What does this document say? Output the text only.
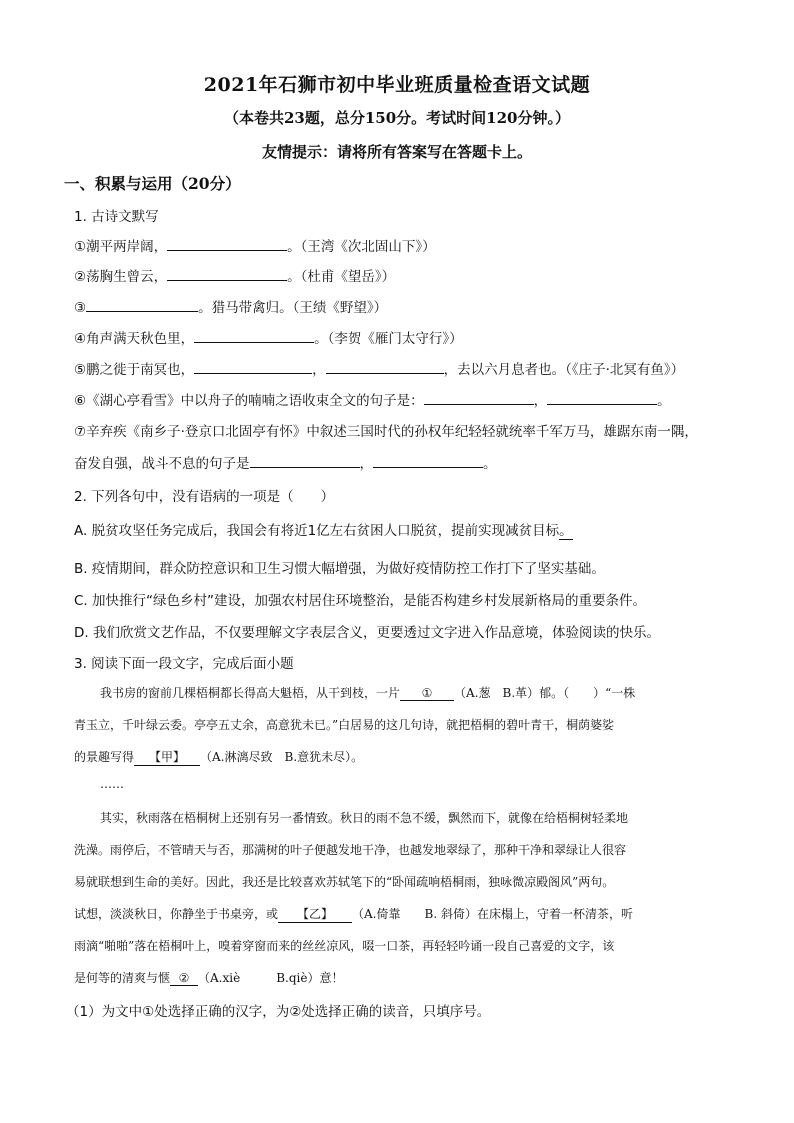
2021年石狮市初中毕业班质量检查语文试题
（本卷共23题，总分150分。考试时间120分钟。）
友情提示：请将所有答案写在答题卡上。
一、积累与运用（20分）
1. 古诗文默写
①潮平两岸阔，	。（王湾《次北固山下》）
②荡胸生曾云，	。（杜甫《望岳》）
③	。猎马带禽归。（王绩《野望》）
④角声满天秋色里，	。（李贺《雁门太守行》）
⑤鹏之徙于南冥也，	，	，去以六月息者也。（《庄子·北冥有鱼》）
⑥《湖心亭看雪》中以舟子的喃喃之语收束全文的句子是：	，	。
⑦辛弃疾《南乡子·登京口北固亭有怀》中叙述三国时代的孙权年纪轻轻就统率千军万马，雄踞东南一隅，
奋发自强，战斗不息的句子是	，	。
2. 下列各句中，没有语病的一项是（　　）
A. 脱贫攻坚任务完成后，我国会有将近1亿左右贫困人口脱贫，提前实现减贫目标。
B. 疫情期间，群众防控意识和卫生习惯大幅增强，为做好疫情防控工作打下了坚实基础。
C. 加快推行“绿色乡村”建设，加强农村居住环境整治，是能否构建乡村发展新格局的重要条件。
D. 我们欣赏文艺作品，不仅要理解文字表层含义，更要透过文字进入作品意境，体验阅读的快乐。
3. 阅读下面一段文字，完成后面小题
我书房的窗前几棵梧桐都长得高大魁梧，从干到枝，一片 ① （A.葱　B.革）郁。（　　）“一株
青玉立，千叶绿云委。亭亭五丈余，高意犹未已。”白居易的这几句诗，就把梧桐的碧叶青干，桐荫婆娑
的景趣写得 【甲】 （A.淋漓尽致　B.意犹未尽）。
……
其实，秋雨落在梧桐树上还别有另一番情致。秋日的雨不急不缓，飘然而下，就像在给梧桐树轻柔地
洗澡。雨停后，不管晴天与否，那满树的叶子便越发地干净，也越发地翠绿了，那种干净和翠绿让人很容
易就联想到生命的美好。因此，我还是比较喜欢苏轼笔下的“卧闻疏响梧桐雨，独咏微凉殿阁风”两句。
试想，淡淡秋日，你静坐于书桌旁，或 【乙】 （A.倚靠　　B. 斜倚）在床榻上，守着一杯清茶，听
雨滴“啪啪”落在梧桐叶上，嗅着穿窗而来的丝丝凉风，啜一口茶，再轻轻吟诵一段自己喜爱的文字，该
是何等的清爽与惬 ② （A.xiè　　　B.qiè）意！
（1）为文中①处选择正确的汉字，为②处选择正确的读音，只填序号。
